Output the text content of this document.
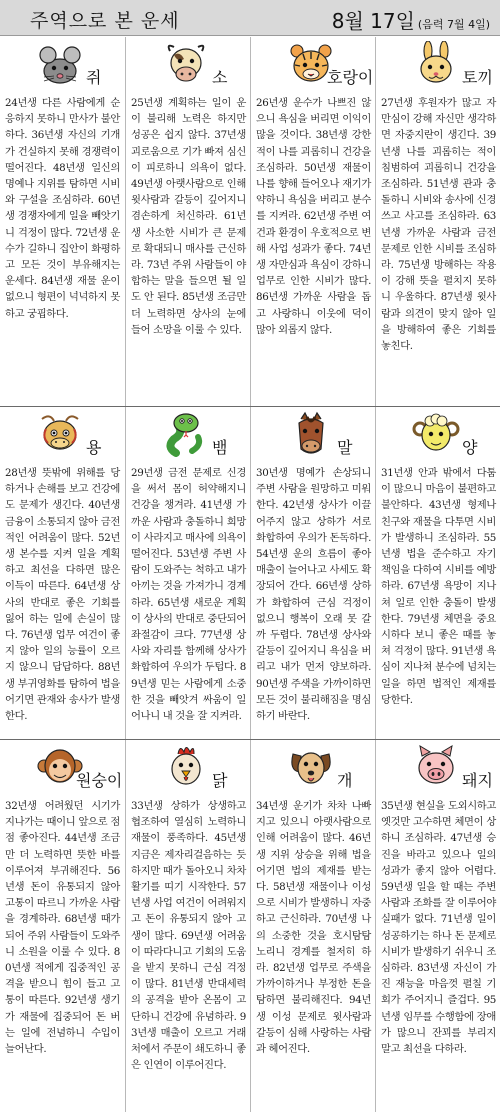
주역으로 본 운세	8월 17일 (음력 7월 4일)
쥐

24년생 다른 사람에게 순응하지 못하니 만사가 불안하다. 36년생 자신의 기개가 건실하지 못해 경쟁력이 떨어진다. 48년생 일신의 명예나 지위를 탐하면 시비와 구설을 조심하라. 60년생 경쟁자에게 일을 빼앗기니 걱정이 많다. 72년생 운수가 길하니 집안이 화평하고 모든 것이 부유해지는 운세다. 84년생 재물 운이 없으니 형편이 넉넉하지 못하고 궁핍하다.

소

25년생 계획하는 일이 운이 불리해 노력은 하지만 성공은 쉽지 않다. 37년생 괴로움으로 기가 빠져 심신이 피로하니 의욕이 없다. 49년생 아랫사람으로 인해 윗사람과 갈등이 깊어지니 겸손하게 처신하라. 61년생 사소한 시비가 큰 문제로 확대되니 매사를 근신하라. 73년 주위 사람들이 야합하는 말을 들으면 될 일도 안 된다. 85년생 조금만 더 노력하면 상사의 눈에 들어 소망을 이룰 수 있다.

호랑이

26년생 운수가 나쁘진 않으니 욕심을 버리면 이익이 많을 것이다. 38년생 강한 적이 나를 괴롭히니 건강을 조심하라. 50년생 재물이 나를 향해 들어오나 재기가 약하니 욕심을 버리고 분수를 지켜라. 62년생 주변 여건과 환경이 우호적으로 변해 사업 성과가 좋다. 74년생 자만심과 욕심이 강하니 업무로 인한 시비가 많다. 86년생 가까운 사람을 돕고 사랑하니 이웃에 덕이 많아 외롭지 않다.

토끼

27년생 후원자가 많고 자만심이 강해 자신만 생각하면 자중지란이 생긴다. 39년생 나를 괴롭히는 적이 침범하여 괴롭히니 건강을 조심하라. 51년생 관과 충돌하니 시비와 송사에 신경 쓰고 사고를 조심하라. 63년생 가까운 사람과 금전 문제로 인한 시비를 조심하라. 75년생 방해하는 작용이 강해 뜻을 펼치지 못하니 우울하다. 87년생 윗사람과 의견이 맞지 않아 일을 방해하여 좋은 기회를 놓친다.

용

28년생 뜻밖에 위해를 당하거나 손해를 보고 건강에도 문제가 생긴다. 40년생 금융이 소통되지 않아 금전적인 어려움이 많다. 52년생 본수를 지켜 일을 계획하고 최선을 다하면 많은 이득이 따른다. 64년생 상사의 반대로 좋은 기회를 잃어 하는 일에 손실이 많다. 76년생 업무 여건이 좋지 않아 일의 능률이 오르지 않으니 답답하다. 88년생 부귀영화를 탐하여 법을 어기면 관재와 송사가 발생한다.

뱀

29년생 금전 문제로 신경을 써서 몸이 허약해지니 건강을 챙겨라. 41년생 가까운 사람과 충돌하니 희망이 사라지고 매사에 의욕이 떨어진다. 53년생 주변 사람이 도와주는 척하고 내가 아끼는 것을 가져가니 경계하라. 65년생 새로운 계획이 상사의 반대로 중단되어 좌절감이 크다. 77년생 상사와 자리를 함께해 상사가 화합하여 우의가 두텁다. 89년생 믿는 사람에게 소중한 것을 빼앗겨 싸움이 일어나니 내 것을 잘 지켜라.

말

30년생 명예가 손상되니 주변 사람을 원망하고 미워한다. 42년생 상사가 이끌어주지 않고 상하가 서로 화합하여 우의가 돈독하다. 54년생 운의 흐름이 좋아 매출이 늘어나고 사세도 확장되어 간다. 66년생 상하가 화합하여 근심 걱정이 없으니 행복이 오래 못 갈까 두렵다. 78년생 상사와 갈등이 깊어지니 욕심을 버리고 내가 먼저 양보하라. 90년생 주색을 가까이하면 모든 것이 불리해짐을 명심하기 바란다.

양

31년생 안과 밖에서 다툼이 많으니 마음이 불편하고 불안하다. 43년생 형제나 친구와 재물을 다투면 시비가 발생하니 조심하라. 55년생 법을 준수하고 자기 책임을 다하여 시비를 예방하라. 67년생 욕망이 지나쳐 일로 인한 충돌이 발생한다. 79년생 체면을 중요시하다 보니 좋은 때를 놓쳐 걱정이 많다. 91년생 욕심이 지나쳐 분수에 넘치는 일을 하면 법적인 제재를 당한다.

원숭이

32년생 어려웠던 시기가 지나가는 때이니 앞으로 점점 좋아진다. 44년생 조금만 더 노력하면 뜻한 바를 이루어져 부귀해진다. 56년생 돈이 유통되지 않아 고통이 따르니 가까운 사람을 경계하라. 68년생 때가 되어 주위 사람들이 도와주니 소원을 이룰 수 있다. 80년생 적에게 집중적인 공격을 받으니 힘이 들고 고통이 따른다. 92년생 생기가 재물에 집중되어 돈 버는 일에 전념하니 수입이 늘어난다.

닭

33년생 상하가 상생하고 협조하여 열심히 노력하니 재물이 풍족하다. 45년생 지금은 제자리걸음하는 듯하지만 때가 돌아오니 차차 활기를 띠기 시작한다. 57년생 사업 여건이 어려워지고 돈이 유통되지 않아 고생이 많다. 69년생 어려움이 따라다니고 기회의 도움을 받지 못하니 근심 걱정이 많다. 81년생 반대세력의 공격을 받아 온몸이 고단하니 건강에 유념하라. 93년생 매출이 오르고 거래처에서 주문이 쇄도하니 좋은 인연이 이루어진다.

개

34년생 운기가 차차 나빠지고 있으니 아랫사람으로 인해 어려움이 많다. 46년생 지위 상승을 위해 법을 어기면 법의 제재를 받는다. 58년생 재물이나 이성으로 시비가 발생하니 자중하고 근신하라. 70년생 나의 소중한 것을 호시탐탐 노리니 경계를 철저히 하라. 82년생 업무로 주색을 가까이하거나 부정한 돈을 탐하면 불리해진다. 94년생 이성 문제로 윗사람과 갈등이 심해 사랑하는 사람과 헤어진다.

돼지

35년생 현실을 도외시하고 옛것만 고수하면 체면이 상하니 조심하라. 47년생 승진을 바라고 있으나 일의 성과가 좋지 않아 어렵다. 59년생 일을 할 때는 주변 사람과 조화를 잘 이루어야 실패가 없다. 71년생 일이 성공하기는 하나 돈 문제로 시비가 발생하기 쉬우니 조심하라. 83년생 자신이 가진 재능을 마음껏 펼칠 기회가 주어지니 즐겁다. 95년생 임무를 수행함에 장애가 많으니 잔꾀를 부리지 말고 최선을 다하라.
